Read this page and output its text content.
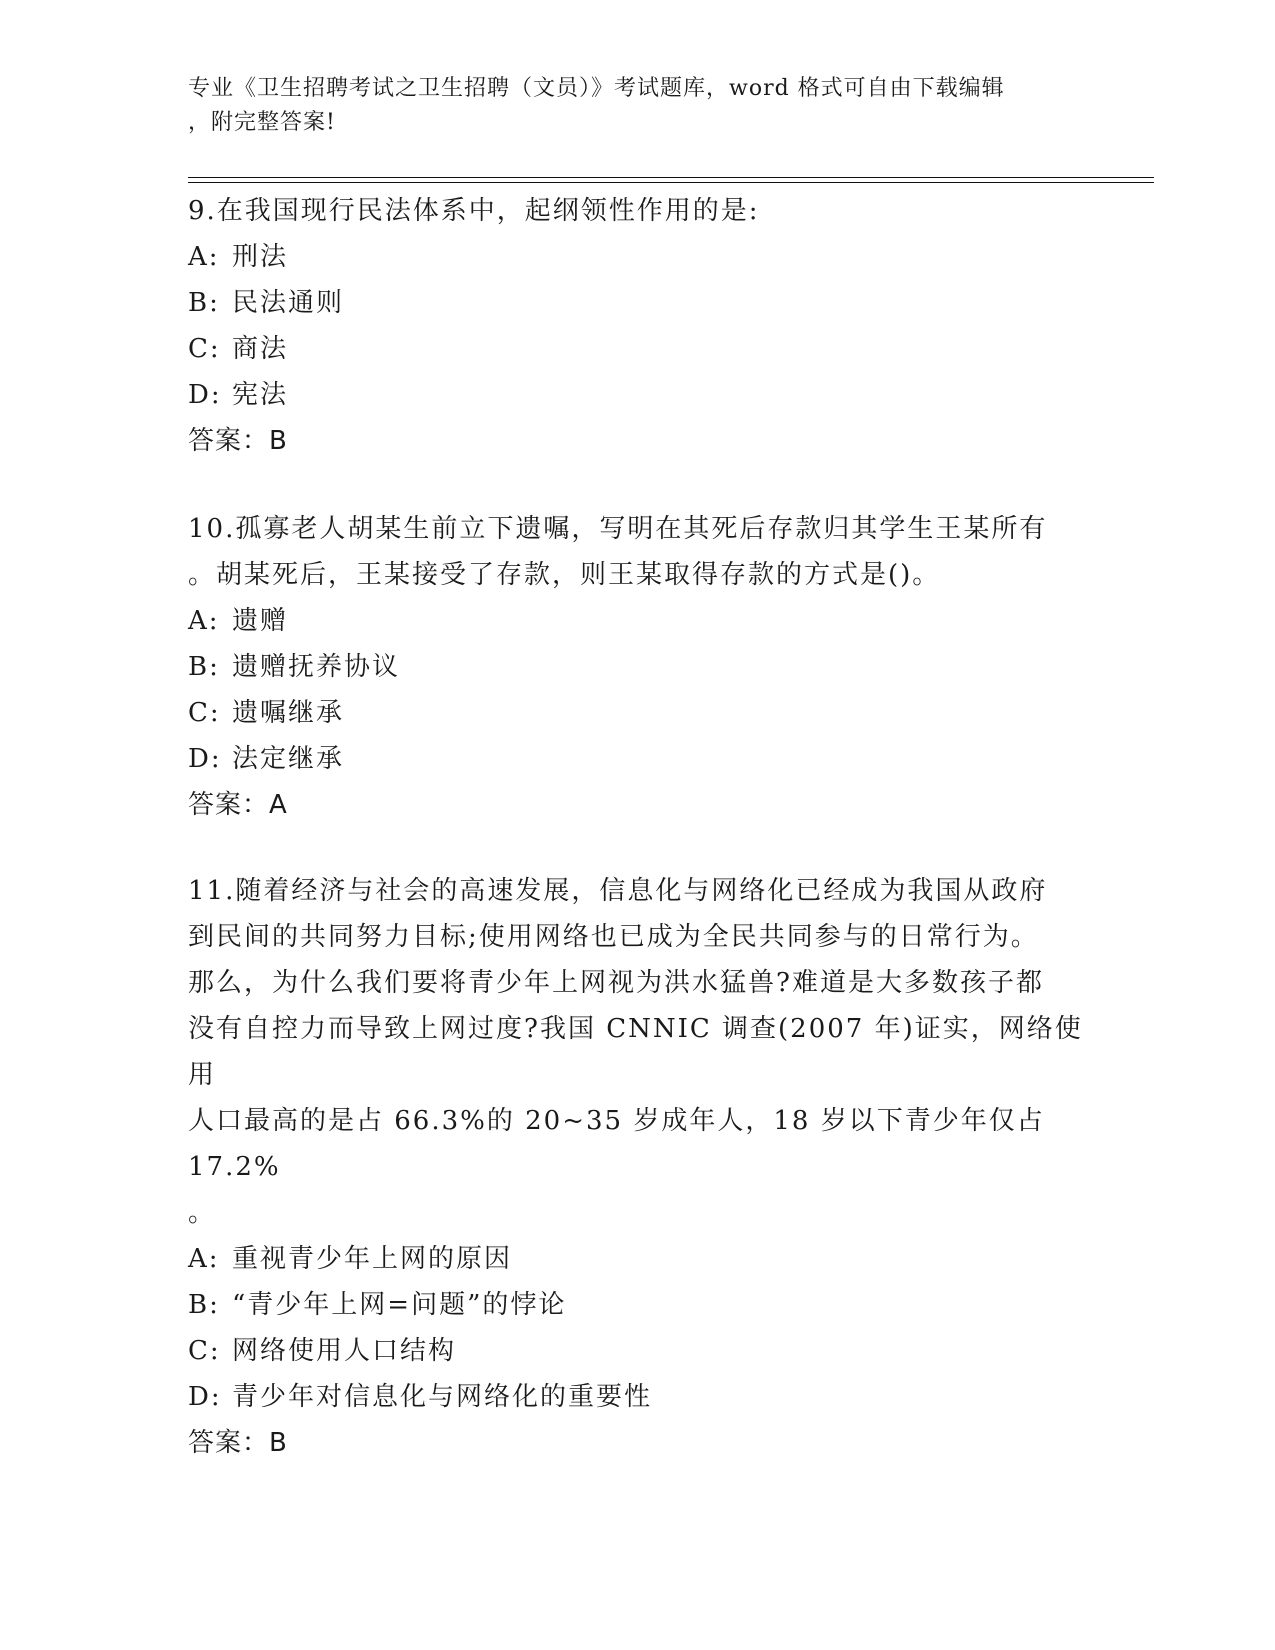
专业《卫生招聘考试之卫生招聘（文员）》考试题库，word 格式可自由下载编辑
，附完整答案!

9.在我国现行民法体系中，起纲领性作用的是:

A: 刑法

B: 民法通则

C: 商法

D: 宪法

答案：B

10.孤寡老人胡某生前立下遗嘱，写明在其死后存款归其学生王某所有

。胡某死后，王某接受了存款，则王某取得存款的方式是()。

A: 遗赠

B: 遗赠抚养协议

C: 遗嘱继承

D: 法定继承

答案：A

11.随着经济与社会的高速发展，信息化与网络化已经成为我国从政府

到民间的共同努力目标;使用网络也已成为全民共同参与的日常行为。

那么，为什么我们要将青少年上网视为洪水猛兽?难道是大多数孩子都

没有自控力而导致上网过度?我国 CNNIC 调查(2007 年)证实，网络使用

人口最高的是占 66.3%的 20~35 岁成年人，18 岁以下青少年仅占 17.2%

。

A: 重视青少年上网的原因

B: “青少年上网=问题”的悖论

C: 网络使用人口结构

D: 青少年对信息化与网络化的重要性

答案：B
